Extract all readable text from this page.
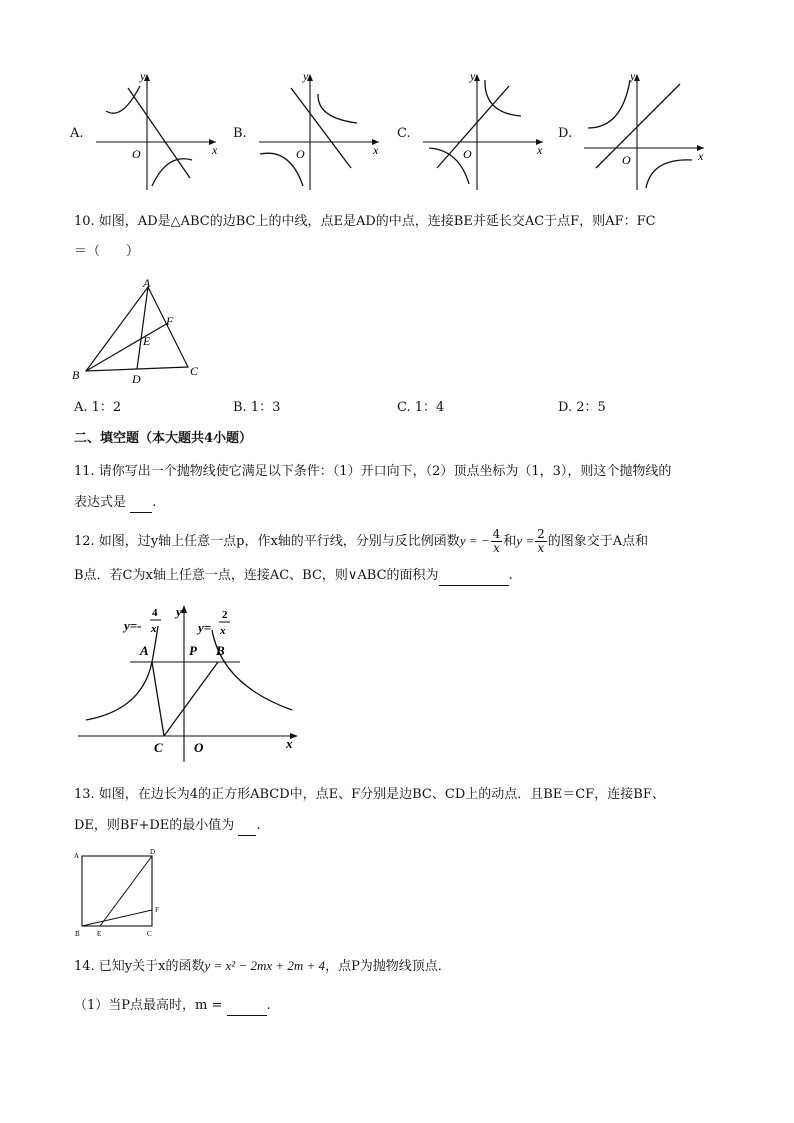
A.
y
x
O
B.
y
x
O
C.
y
x
O
D.
y
x
O
10. 如图，AD是△ABC的边BC上的中线，点E是AD的中点，连接BE并延长交AC于点F，则AF：FC
＝（　　）
A
B	C
D
E
F
A. 1：2	B. 1：3	C. 1：4	D. 2：5
二、填空题（本大题共4小题）
11. 请你写出一个抛物线使它满足以下条件：（1）开口向下，（2）顶点坐标为（1，3），则这个抛物线的
表达式是 .
12. 如图，过y轴上任意一点p，作x轴的平行线，分别与反比例函数y = − $\frac{4}{x}$ 和$y = \frac{2}{x}$ 的图象交于A点和
B点．若C为x轴上任意一点，连接AC、BC，则∨ABC的面积为	.
y=-
4
x
y
y=
2
x
A	P B
C O	x
13. 如图，在边长为4的正方形ABCD中，点E、F分别是边BC、CD上的动点．且BE＝CF，连接BF、
DE，则BF+DE的最小值为 .
A	D
B E	C
F
14. 已知y关于x的函数y = x² − 2mx + 2m + 4，点P为抛物线顶点．
（1）当P点最高时，m =	.
